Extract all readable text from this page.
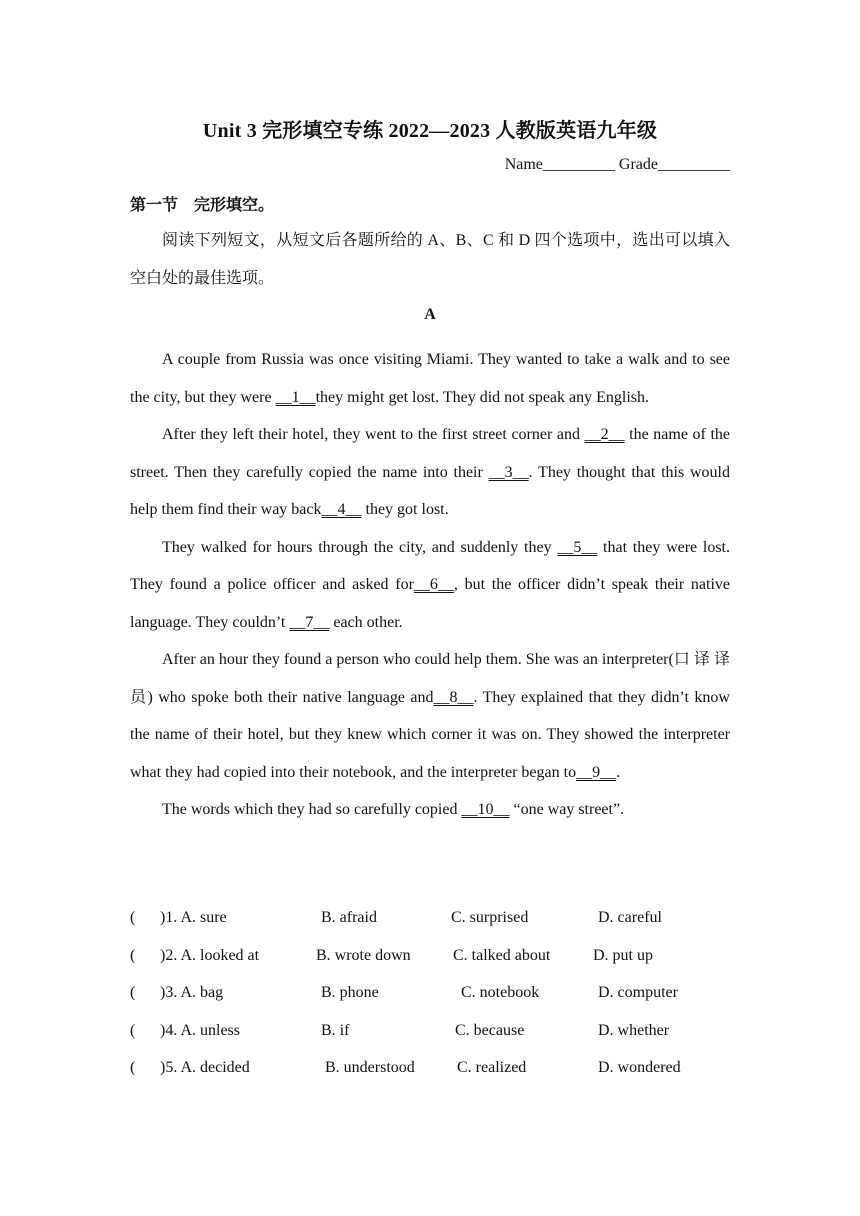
Unit 3 完形填空专练 2022—2023 人教版英语九年级
Name_________ Grade_________
第一节　完形填空。
阅读下列短文，从短文后各题所给的 A、B、C 和 D 四个选项中，选出可以填入空白处的最佳选项。
A

A couple from Russia was once visiting Miami. They wanted to take a walk and to see the city, but they were __1__they might get lost. They did not speak any English.

After they left their hotel, they went to the first street corner and __2__ the name of the street. Then they carefully copied the name into their __3__. They thought that this would help them find their way back__4__ they got lost.

They walked for hours through the city, and suddenly they __5__ that they were lost. They found a police officer and asked for__6__, but the officer didn’t speak their native language. They couldn’t __7__ each other.

After an hour they found a person who could help them. She was an interpreter(口 译 译 员) who spoke both their native language and__8__. They explained that they didn’t know the name of their hotel, but they knew which corner it was on. They showed the interpreter what they had copied into their notebook, and the interpreter began to__9__.

The words which they had so carefully copied __10__ “one way street”.

( )1. A. sure	B. afraid	C. surprised	D. careful
( )2. A. looked at	B. wrote down	C. talked about	D. put up
( )3. A. bag	B. phone	C. notebook	D. computer
( )4. A. unless	B. if	C. because	D. whether
( )5. A. decided	B. understood	C. realized	D. wondered
